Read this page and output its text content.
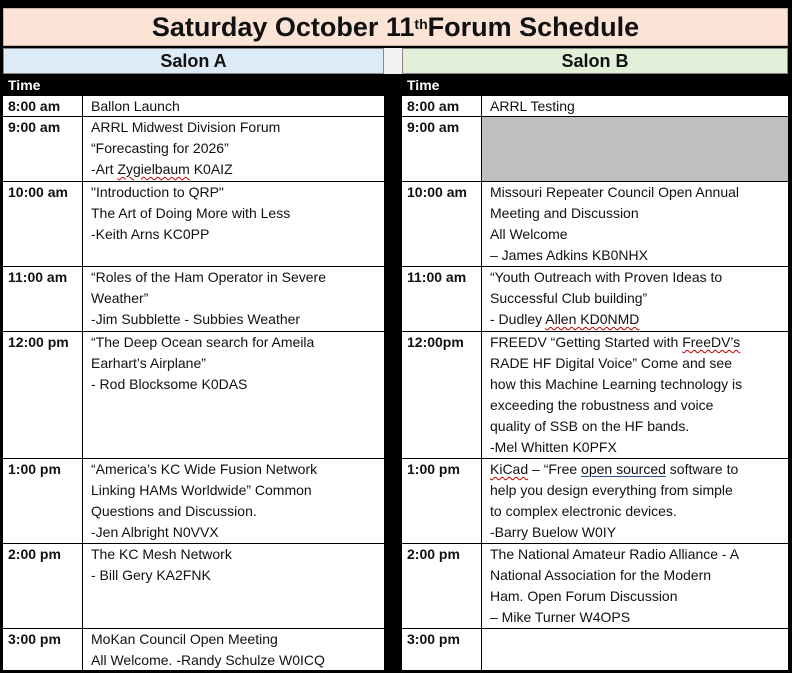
Saturday October 11th Forum Schedule
Salon A	Salon B
Time
8:00 am	Ballon Launch
9:00 am	ARRL Midwest Division Forum
“Forecasting for 2026”
-Art Zygielbaum K0AIZ
10:00 am	"Introduction to QRP"
The Art of Doing More with Less
-Keith Arns KC0PP
11:00 am	“Roles of the Ham Operator in Severe
Weather”
-Jim Subblette - Subbies Weather
12:00 pm	“The Deep Ocean search for Ameila
Earhart’s Airplane”
- Rod Blocksome K0DAS
1:00 pm	“America’s KC Wide Fusion Network
Linking HAMs Worldwide” Common
Questions and Discussion.
-Jen Albright N0VVX
2:00 pm	The KC Mesh Network
- Bill Gery KA2FNK
3:00 pm	MoKan Council Open Meeting
All Welcome. -Randy Schulze W0ICQ
Time
8:00 am	ARRL Testing
9:00 am
10:00 am	Missouri Repeater Council Open Annual
Meeting and Discussion
All Welcome
– James Adkins KB0NHX
11:00 am	“Youth Outreach with Proven Ideas to
Successful Club building”
- Dudley Allen KD0NMD
12:00pm	FREEDV “Getting Started with FreeDV’s
RADE HF Digital Voice” Come and see
how this Machine Learning technology is
exceeding the robustness and voice
quality of SSB on the HF bands.
-Mel Whitten K0PFX
1:00 pm	KiCad – “Free open sourced software to
help you design everything from simple
to complex electronic devices.
-Barry Buelow W0IY
2:00 pm	The National Amateur Radio Alliance - A
National Association for the Modern
Ham. Open Forum Discussion
– Mike Turner W4OPS
3:00 pm
